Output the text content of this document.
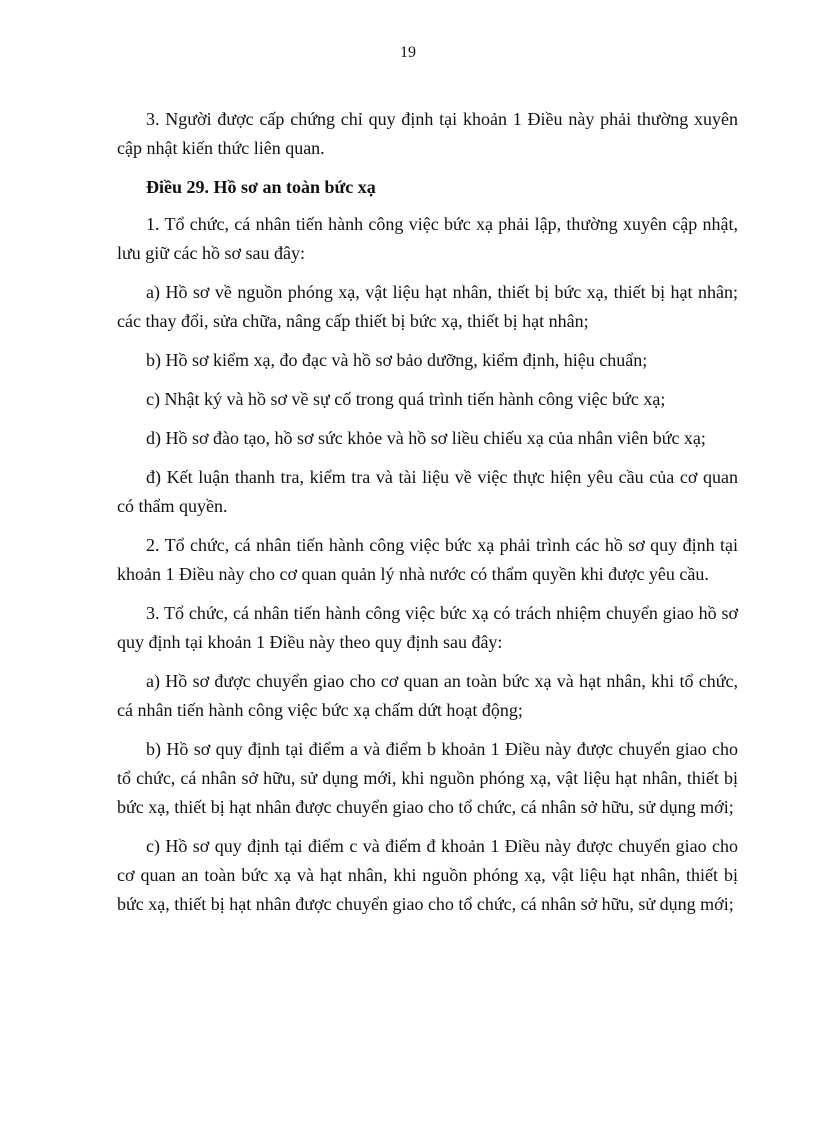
19

3. Người được cấp chứng chỉ quy định tại khoản 1 Điều này phải thường xuyên cập nhật kiến thức liên quan.

Điều 29. Hồ sơ an toàn bức xạ

1. Tổ chức, cá nhân tiến hành công việc bức xạ phải lập, thường xuyên cập nhật, lưu giữ các hồ sơ sau đây:

a) Hồ sơ về nguồn phóng xạ, vật liệu hạt nhân, thiết bị bức xạ, thiết bị hạt nhân; các thay đổi, sửa chữa, nâng cấp thiết bị bức xạ, thiết bị hạt nhân;

b) Hồ sơ kiểm xạ, đo đạc và hồ sơ bảo dưỡng, kiểm định, hiệu chuẩn;

c) Nhật ký và hồ sơ về sự cố trong quá trình tiến hành công việc bức xạ;

d) Hồ sơ đào tạo, hồ sơ sức khỏe và hồ sơ liều chiếu xạ của nhân viên bức xạ;

đ) Kết luận thanh tra, kiểm tra và tài liệu về việc thực hiện yêu cầu của cơ quan có thẩm quyền.

2. Tổ chức, cá nhân tiến hành công việc bức xạ phải trình các hồ sơ quy định tại khoản 1 Điều này cho cơ quan quản lý nhà nước có thẩm quyền khi được yêu cầu.

3. Tổ chức, cá nhân tiến hành công việc bức xạ có trách nhiệm chuyển giao hồ sơ quy định tại khoản 1 Điều này theo quy định sau đây:

a) Hồ sơ được chuyển giao cho cơ quan an toàn bức xạ và hạt nhân, khi tổ chức, cá nhân tiến hành công việc bức xạ chấm dứt hoạt động;

b) Hồ sơ quy định tại điểm a và điểm b khoản 1 Điều này được chuyển giao cho tổ chức, cá nhân sở hữu, sử dụng mới, khi nguồn phóng xạ, vật liệu hạt nhân, thiết bị bức xạ, thiết bị hạt nhân được chuyển giao cho tổ chức, cá nhân sở hữu, sử dụng mới;

c) Hồ sơ quy định tại điểm c và điểm đ khoản 1 Điều này được chuyển giao cho cơ quan an toàn bức xạ và hạt nhân, khi nguồn phóng xạ, vật liệu hạt nhân, thiết bị bức xạ, thiết bị hạt nhân được chuyển giao cho tổ chức, cá nhân sở hữu, sử dụng mới;
